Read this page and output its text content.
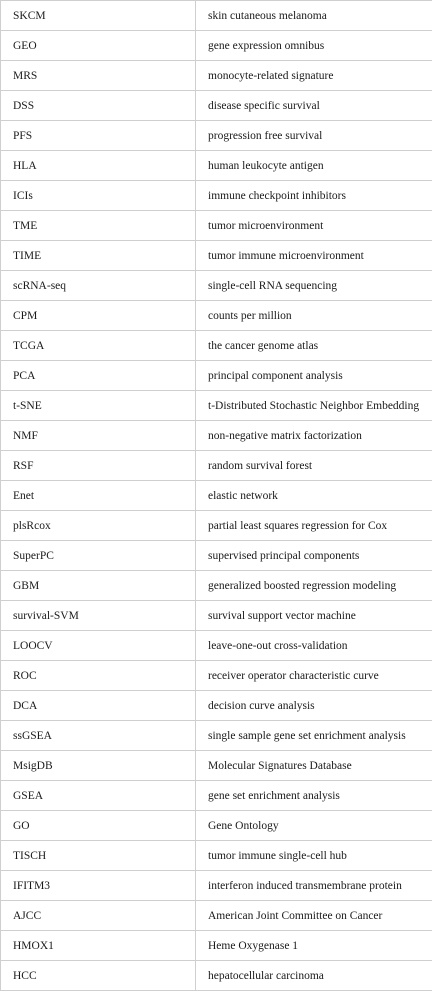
SKCM	skin cutaneous melanoma
GEO	gene expression omnibus
MRS	monocyte-related signature
DSS	disease specific survival
PFS	progression free survival
HLA	human leukocyte antigen
ICIs	immune checkpoint inhibitors
TME	tumor microenvironment
TIME	tumor immune microenvironment
scRNA-seq	single-cell RNA sequencing
CPM	counts per million
TCGA	the cancer genome atlas
PCA	principal component analysis
t-SNE	t-Distributed Stochastic Neighbor Embedding
NMF	non-negative matrix factorization
RSF	random survival forest
Enet	elastic network
plsRcox	partial least squares regression for Cox
SuperPC	supervised principal components
GBM	generalized boosted regression modeling
survival-SVM	survival support vector machine
LOOCV	leave-one-out cross-validation
ROC	receiver operator characteristic curve
DCA	decision curve analysis
ssGSEA	single sample gene set enrichment analysis
MsigDB	Molecular Signatures Database
GSEA	gene set enrichment analysis
GO	Gene Ontology
TISCH	tumor immune single-cell hub
IFITM3	interferon induced transmembrane protein
AJCC	American Joint Committee on Cancer
HMOX1	Heme Oxygenase 1
HCC	hepatocellular carcinoma
